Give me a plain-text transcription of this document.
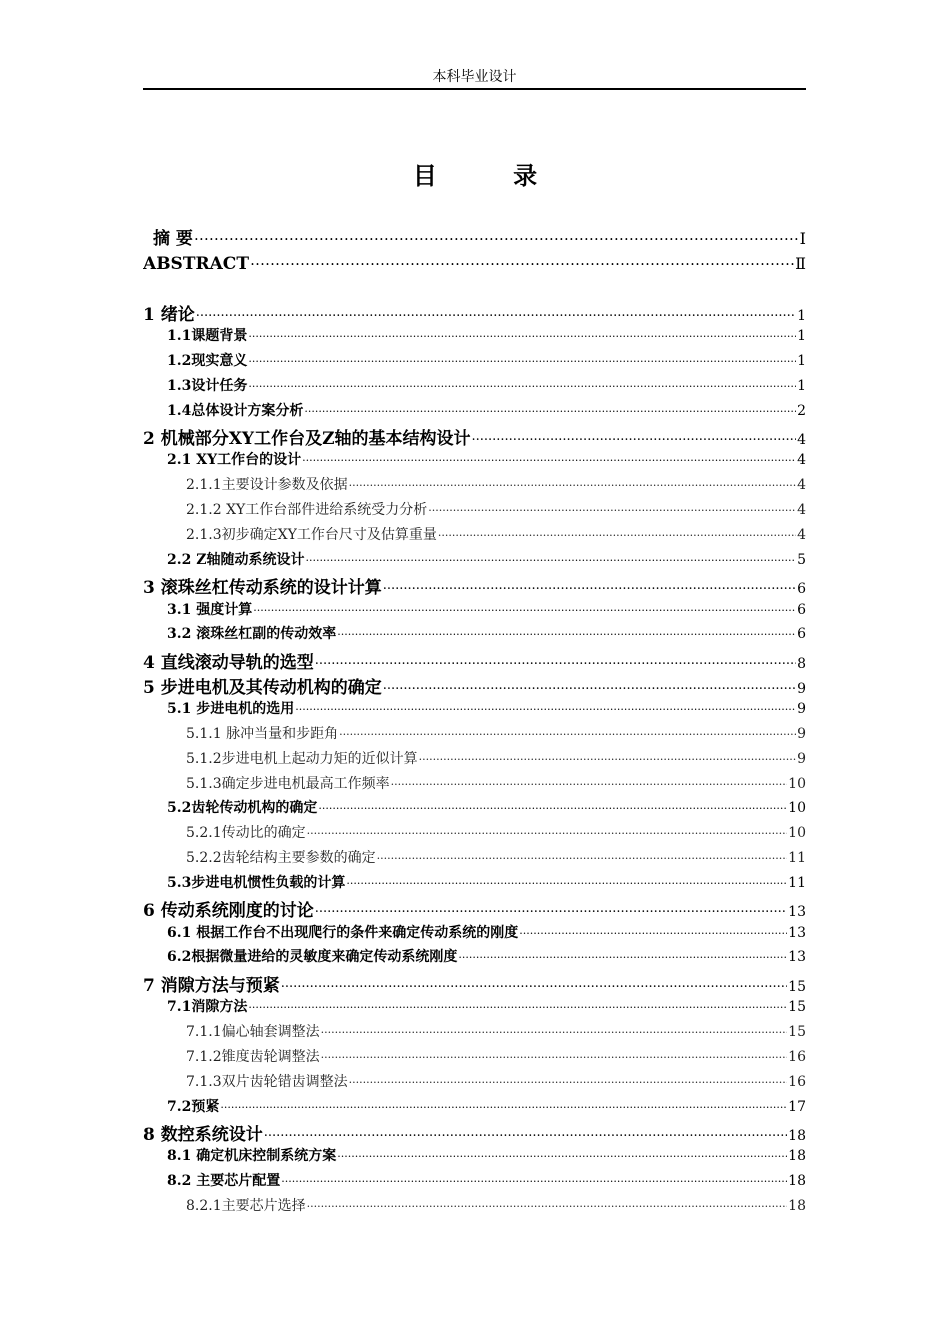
本科毕业设计
目 录
摘 要 ……………………………………………………………………………………………………………………………………………………………………	Ⅰ
ABSTRACT ……………………………………………………………………………………………………………………………………………………………………	Ⅱ
1 绪论 .....	1
1.1课题背景 .....	1
1.2现实意义 .....	1
1.3设计任务 .....	1
1.4总体设计方案分析 .....	2
2 机械部分XY工作台及Z轴的基本结构设计 .....	4
2.1 XY工作台的设计 .....	4
2.1.1主要设计参数及依据 .....	4
2.1.2 XY工作台部件进给系统受力分析 .....	4
2.1.3初步确定XY工作台尺寸及估算重量 .....	4
2.2 Z轴随动系统设计 .....	5
3 滚珠丝杠传动系统的设计计算 .....	6
3.1 强度计算 .....	6
3.2 滚珠丝杠副的传动效率 .....	6
4 直线滚动导轨的选型 .....	8
5 步进电机及其传动机构的确定 .....	9
5.1 步进电机的选用 .....	9
5.1.1 脉冲当量和步距角 .....	9
5.1.2步进电机上起动力矩的近似计算 .....	9
5.1.3确定步进电机最高工作频率 .....	10
5.2齿轮传动机构的确定 .....	10
5.2.1传动比的确定 .....	10
5.2.2齿轮结构主要参数的确定 .....	11
5.3步进电机惯性负载的计算 .....	11
6 传动系统刚度的讨论 .....	13
6.1 根据工作台不出现爬行的条件来确定传动系统的刚度 .....	13
6.2根据微量进给的灵敏度来确定传动系统刚度 .....	13
7 消隙方法与预紧 .....	15
7.1消隙方法 .....	15
7.1.1偏心轴套调整法 .....	15
7.1.2锥度齿轮调整法 .....	16
7.1.3双片齿轮错齿调整法 .....	16
7.2预紧 .....	17
8 数控系统设计 .....	18
8.1 确定机床控制系统方案 .....	18
8.2 主要芯片配置 .....	18
8.2.1主要芯片选择 .....	18
